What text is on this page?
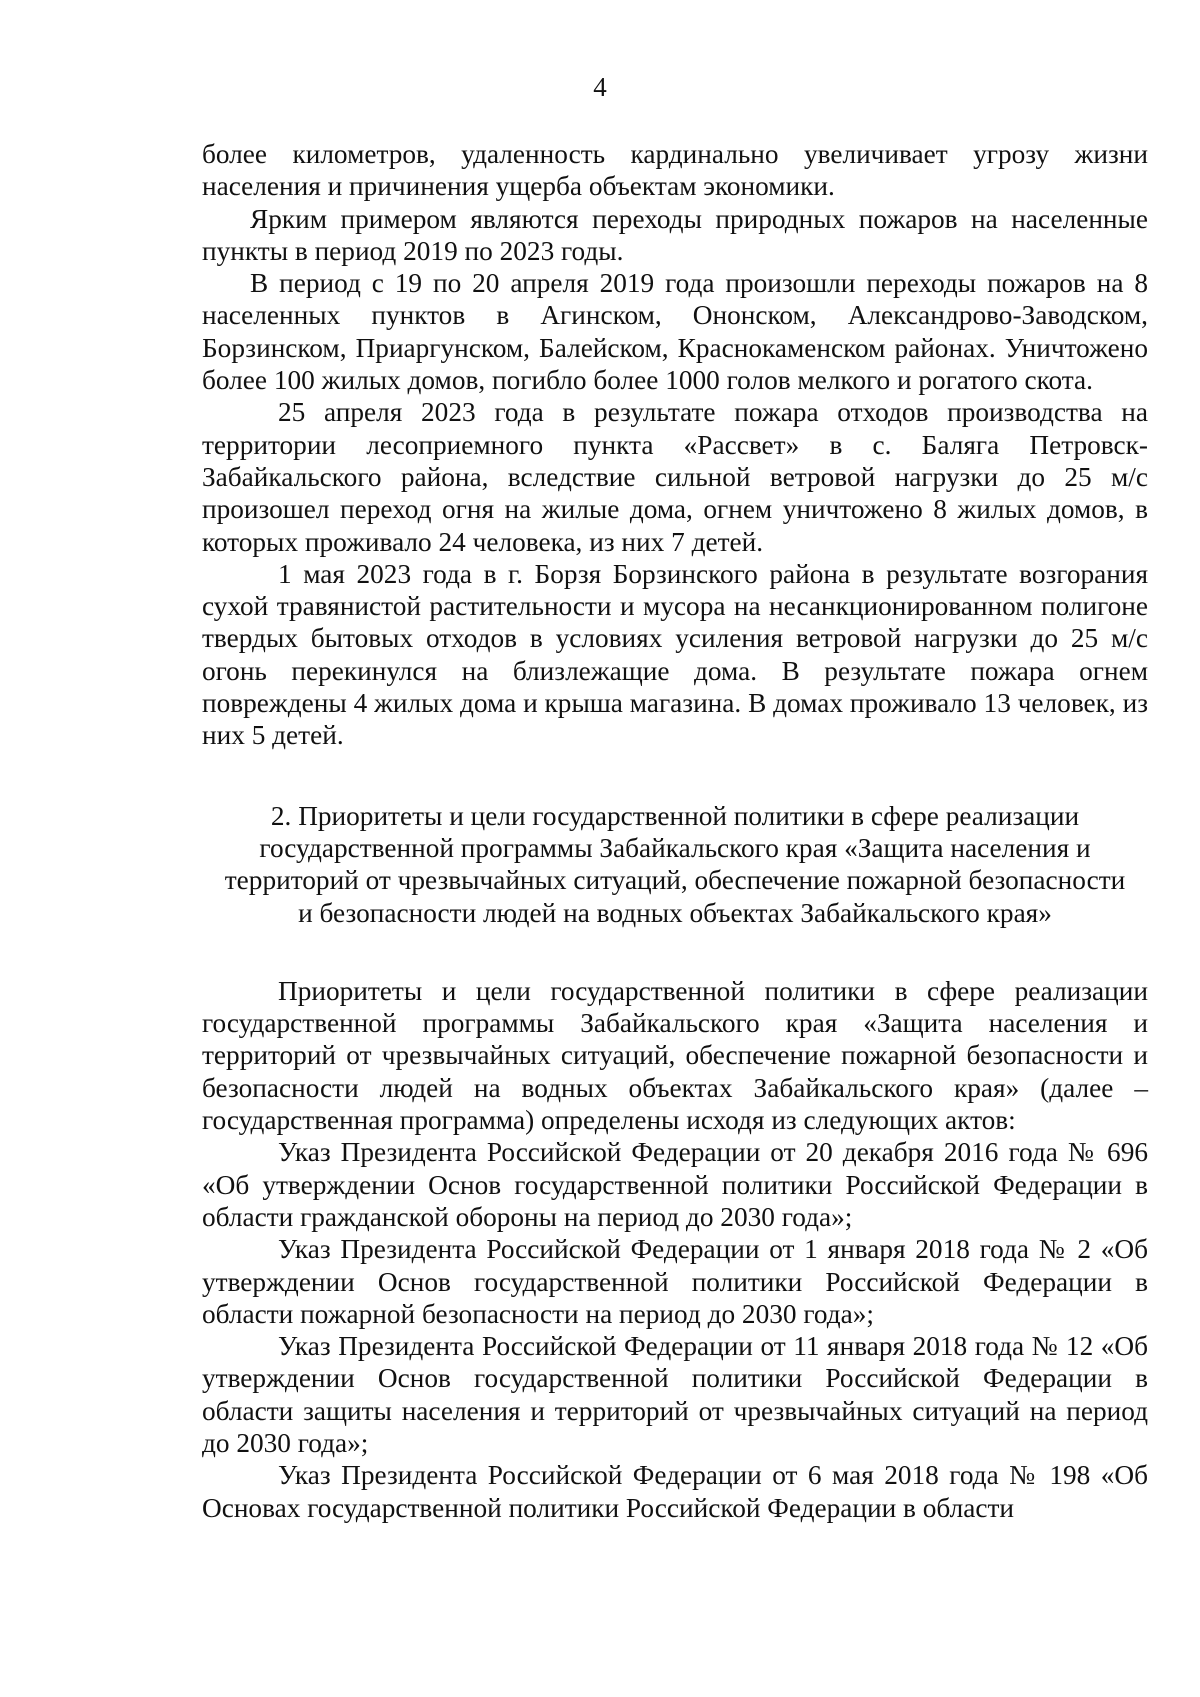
4

более километров, удаленность кардинально увеличивает угрозу жизни населения и причинения ущерба объектам экономики.

Ярким примером являются переходы природных пожаров на населенные пункты в период 2019 по 2023 годы.

В период с 19 по 20 апреля 2019 года произошли переходы пожаров на 8 населенных пунктов в Агинском, Ононском, Александрово-Заводском, Борзинском, Приаргунском, Балейском, Краснокаменском районах. Уничтожено более 100 жилых домов, погибло более 1000 голов мелкого и рогатого скота.

25 апреля 2023 года в результате пожара отходов производства на территории лесоприемного пункта «Рассвет» в с. Баляга Петровск-Забайкальского района, вследствие сильной ветровой нагрузки до 25 м/с произошел переход огня на жилые дома, огнем уничтожено 8 жилых домов, в которых проживало 24 человека, из них 7 детей.

1 мая 2023 года в г. Борзя Борзинского района в результате возгорания сухой травянистой растительности и мусора на несанкционированном полигоне твердых бытовых отходов в условиях усиления ветровой нагрузки до 25 м/с огонь перекинулся на близлежащие дома. В результате пожара огнем повреждены 4 жилых дома и крыша магазина. В домах проживало 13 человек, из них 5 детей.

2. Приоритеты и цели государственной политики в сфере реализации
государственной программы Забайкальского края «Защита населения и
территорий от чрезвычайных ситуаций, обеспечение пожарной безопасности
и безопасности людей на водных объектах Забайкальского края»

Приоритеты и цели государственной политики в сфере реализации государственной программы Забайкальского края «Защита населения и территорий от чрезвычайных ситуаций, обеспечение пожарной безопасности и безопасности людей на водных объектах Забайкальского края» (далее – государственная программа) определены исходя из следующих актов:

Указ Президента Российской Федерации от 20 декабря 2016 года № 696 «Об утверждении Основ государственной политики Российской Федерации в области гражданской обороны на период до 2030 года»;

Указ Президента Российской Федерации от 1 января 2018 года № 2 «Об утверждении Основ государственной политики Российской Федерации в области пожарной безопасности на период до 2030 года»;

Указ Президента Российской Федерации от 11 января 2018 года № 12 «Об утверждении Основ государственной политики Российской Федерации в области защиты населения и территорий от чрезвычайных ситуаций на период до 2030 года»;

Указ Президента Российской Федерации от 6 мая 2018 года № 198 «Об Основах государственной политики Российской Федерации в области
